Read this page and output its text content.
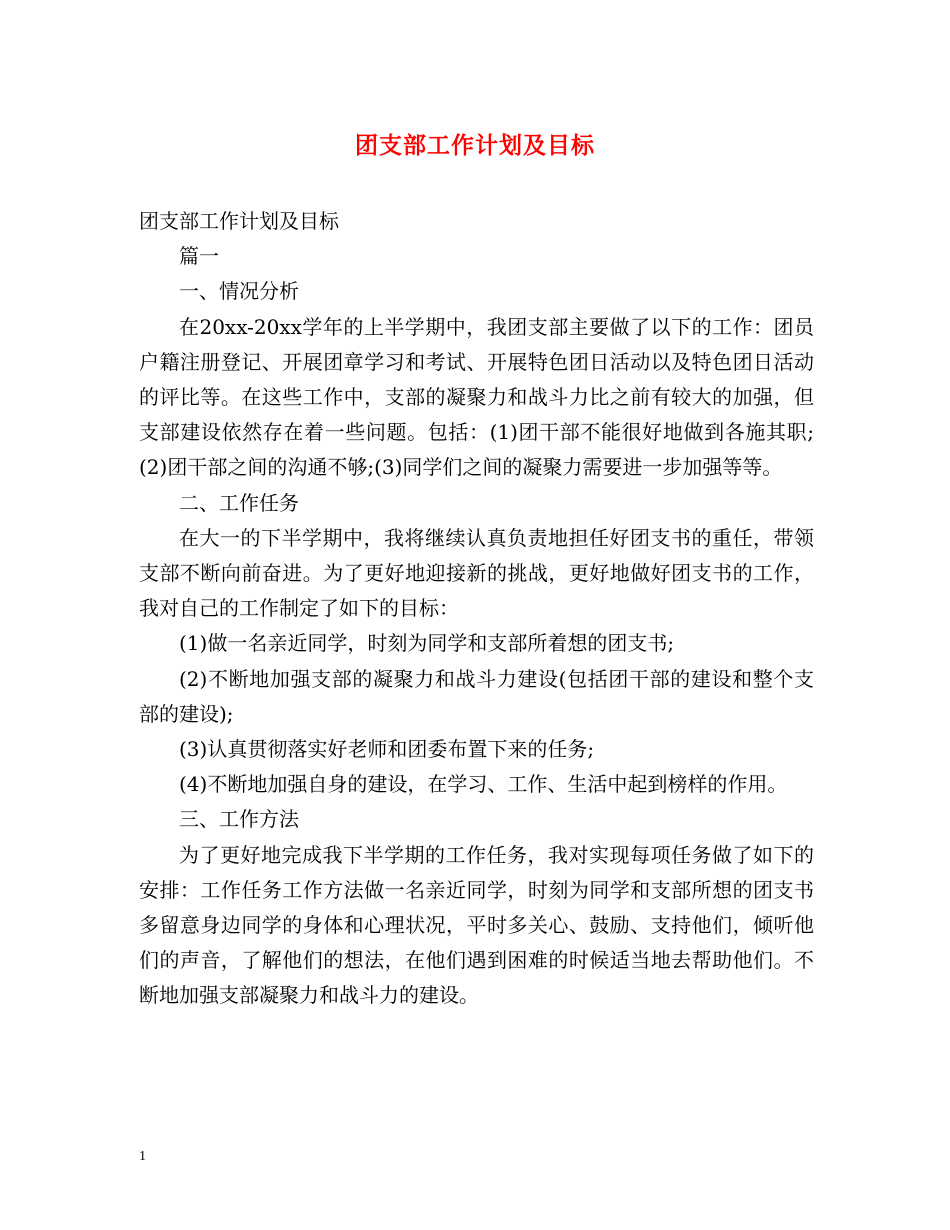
团支部工作计划及目标

团支部工作计划及目标

篇一

一、情况分析

在20xx-20xx学年的上半学期中，我团支部主要做了以下的工作：团员户籍注册登记、开展团章学习和考试、开展特色团日活动以及特色团日活动的评比等。在这些工作中，支部的凝聚力和战斗力比之前有较大的加强，但支部建设依然存在着一些问题。包括：(1)团干部不能很好地做到各施其职;(2)团干部之间的沟通不够;(3)同学们之间的凝聚力需要进一步加强等等。

二、工作任务

在大一的下半学期中，我将继续认真负责地担任好团支书的重任，带领支部不断向前奋进。为了更好地迎接新的挑战，更好地做好团支书的工作，我对自己的工作制定了如下的目标：

(1)做一名亲近同学，时刻为同学和支部所着想的团支书;

(2)不断地加强支部的凝聚力和战斗力建设(包括团干部的建设和整个支部的建设);

(3)认真贯彻落实好老师和团委布置下来的任务;

(4)不断地加强自身的建设，在学习、工作、生活中起到榜样的作用。

三、工作方法

为了更好地完成我下半学期的工作任务，我对实现每项任务做了如下的安排：工作任务工作方法做一名亲近同学，时刻为同学和支部所想的团支书多留意身边同学的身体和心理状况，平时多关心、鼓励、支持他们，倾听他们的声音，了解他们的想法，在他们遇到困难的时候适当地去帮助他们。不断地加强支部凝聚力和战斗力的建设。

1
